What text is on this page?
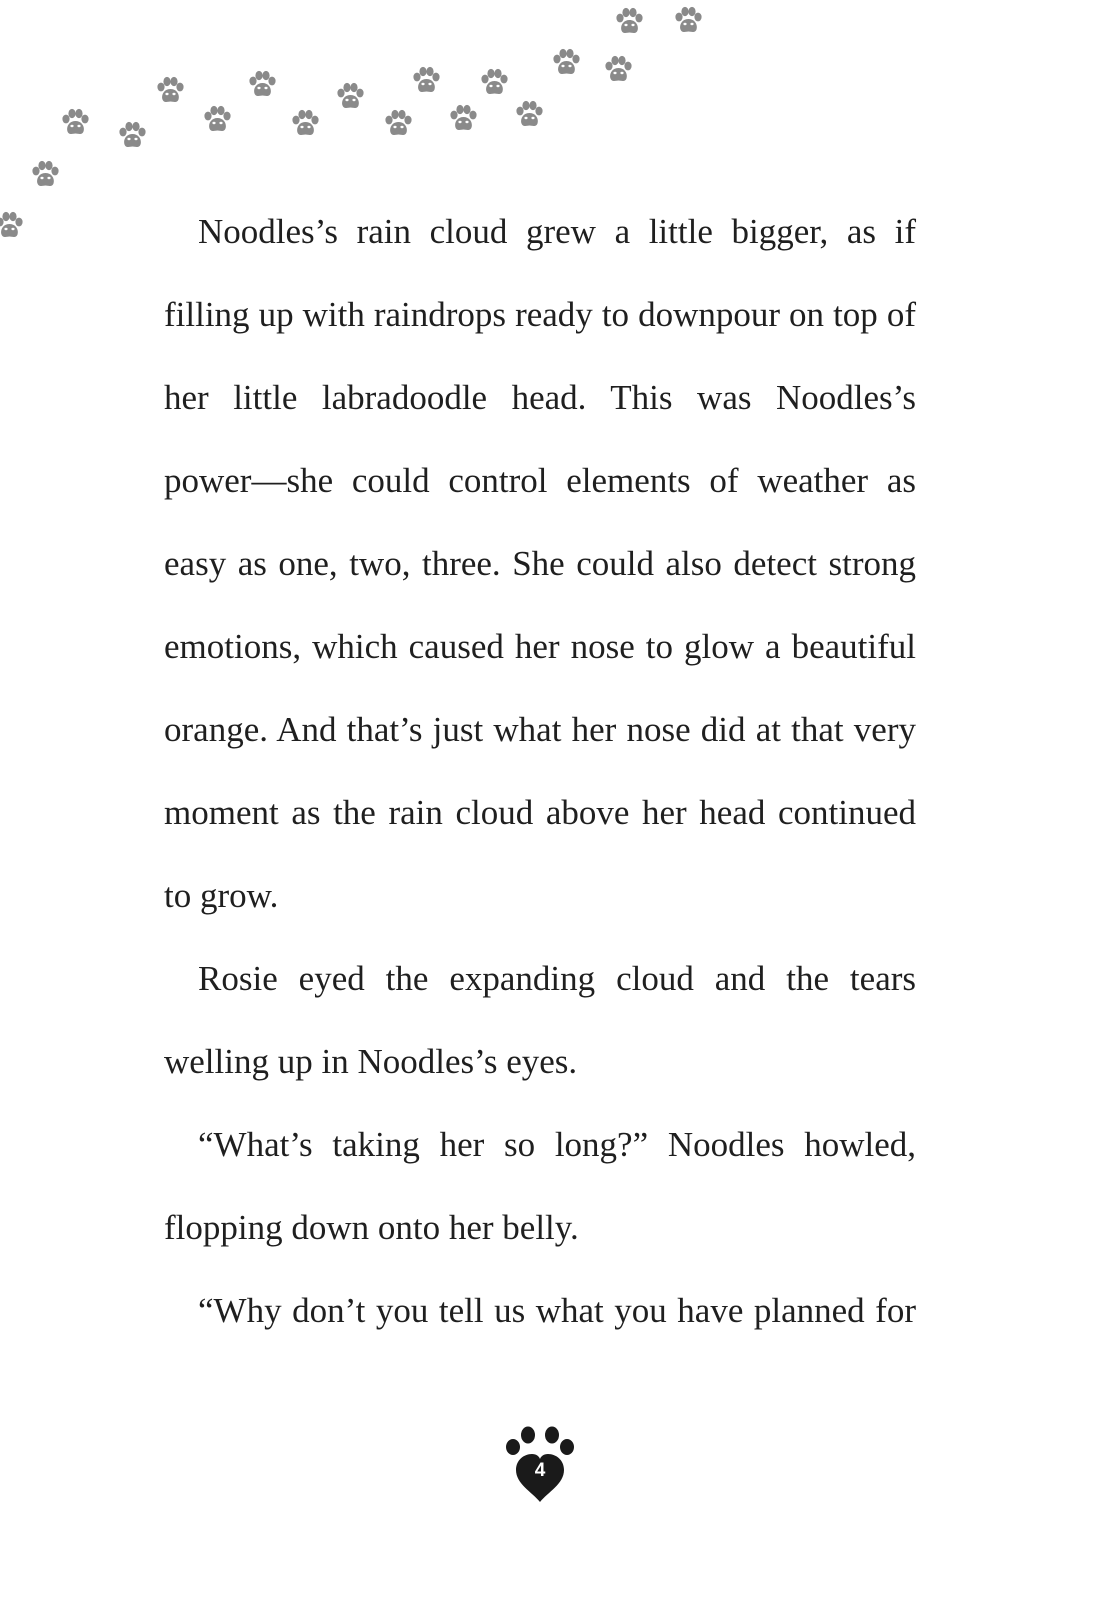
Noodles’s rain cloud grew a little bigger, as if filling up with raindrops ready to downpour on top of her little labradoodle head. This was Noodles’s power—she could control elements of weather as easy as one, two, three. She could also detect strong emotions, which caused her nose to glow a beautiful orange. And that’s just what her nose did at that very moment as the rain cloud above her head continued to grow.

Rosie eyed the expanding cloud and the tears welling up in Noodles’s eyes.

“What’s taking her so long?” Noodles howled, flopping down onto her belly.

“Why don’t you tell us what you have planned for

4
